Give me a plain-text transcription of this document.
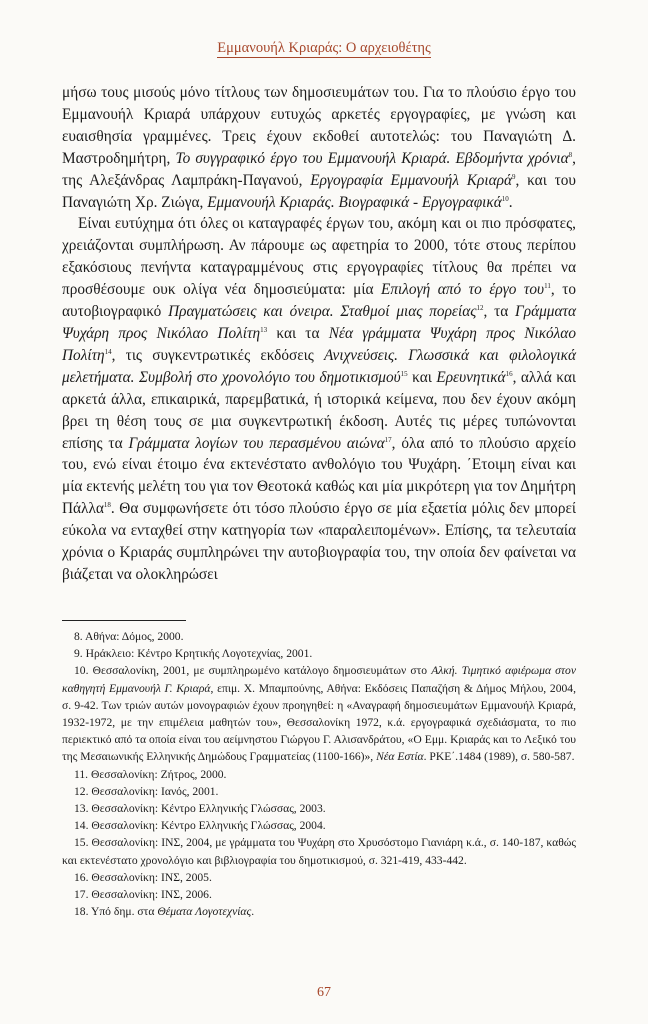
Εμμανουήλ Κριαράς: Ο αρχειοθέτης

μήσω τους μισούς μόνο τίτλους των δημοσιευμάτων του. Για το πλούσιο έργο του Εμμανουήλ Κριαρά υπάρχουν ευτυχώς αρκετές εργογραφίες, με γνώση και ευαισθησία γραμμένες. Τρεις έχουν εκδοθεί αυτοτελώς: του Παναγιώτη Δ. Μαστροδημήτρη, Το συγγραφικό έργο του Εμμανουήλ Κριαρά. Εβδομήντα χρόνια$^8$, της Αλεξάνδρας Λαμπράκη-Παγανού, Εργογραφία Εμμανουήλ Κριαρά$^9$, και του Παναγιώτη Χρ. Ζιώγα, Εμμανουήλ Κριαράς. Βιογραφικά - Εργογραφικά$^{10}$.

Είναι ευτύχημα ότι όλες οι καταγραφές έργων του, ακόμη και οι πιο πρόσφατες, χρειάζονται συμπλήρωση. Αν πάρουμε ως αφετηρία το 2000, τότε στους περίπου εξακόσιους πενήντα καταγραμμένους στις εργογραφίες τίτλους θα πρέπει να προσθέσουμε ουκ ολίγα νέα δημοσιεύματα: μία Επιλογή από το έργο του$^{11}$, το αυτοβιογραφικό Πραγματώσεις και όνειρα. Σταθμοί μιας πορείας$^{12}$, τα Γράμματα Ψυχάρη προς Νικόλαο Πολίτη$^{13}$ και τα Νέα γράμματα Ψυχάρη προς Νικόλαο Πολίτη$^{14}$, τις συγκεντρωτικές εκδόσεις Ανιχνεύσεις. Γλωσσικά και φιλολογικά μελετήματα. Συμβολή στο χρονολόγιο του δημοτικισμού$^{15}$ και Ερευνητικά$^{16}$, αλλά και αρκετά άλλα, επικαιρικά, παρεμβατικά, ή ιστορικά κείμενα, που δεν έχουν ακόμη βρει τη θέση τους σε μια συγκεντρωτική έκδοση. Αυτές τις μέρες τυπώνονται επίσης τα Γράμματα λογίων του περασμένου αιώνα$^{17}$, όλα από το πλούσιο αρχείο του, ενώ είναι έτοιμο ένα εκτενέστατο ανθολόγιο του Ψυχάρη. ΄Ετοιμη είναι και μία εκτενής μελέτη του για τον Θεοτοκά καθώς και μία μικρότερη για τον Δημήτρη Πάλλα$^{18}$. Θα συμφωνήσετε ότι τόσο πλούσιο έργο σε μία εξαετία μόλις δεν μπορεί εύκολα να ενταχθεί στην κατηγορία των «παραλειπομένων». Επίσης, τα τελευταία χρόνια ο Κριαράς συμπληρώνει την αυτοβιογραφία του, την οποία δεν φαίνεται να βιάζεται να ολοκληρώσει

8. Αθήνα: Δόμος, 2000.
9. Ηράκλειο: Κέντρο Κρητικής Λογοτεχνίας, 2001.
10. Θεσσαλονίκη, 2001, με συμπληρωμένο κατάλογο δημοσιευμάτων στο Αλκή. Τιμητικό αφιέρωμα στον καθηγητή Εμμανουήλ Γ. Κριαρά, επιμ. Χ. Μπαμπούνης, Αθήνα: Εκδόσεις Παπαζήση & Δήμος Μήλου, 2004, σ. 9-42. Των τριών αυτών μονογραφιών έχουν προηγηθεί: η «Αναγραφή δημοσιευμάτων Εμμανουήλ Κριαρά, 1932-1972, με την επιμέλεια μαθητών του», Θεσσαλονίκη 1972, κ.ά. εργογραφικά σχεδιάσματα, το πιο περιεκτικό από τα οποία είναι του αείμνηστου Γιώργου Γ. Αλισανδράτου, «Ο Εμμ. Κριαράς και το Λεξικό του της Μεσαιωνικής Ελληνικής Δημώδους Γραμματείας (1100-166)», Νέα Εστία. ΡΚΕ΄.1484 (1989), σ. 580-587.
11. Θεσσαλονίκη: Ζήτρος, 2000.
12. Θεσσαλονίκη: Ιανός, 2001.
13. Θεσσαλονίκη: Κέντρο Ελληνικής Γλώσσας, 2003.
14. Θεσσαλονίκη: Κέντρο Ελληνικής Γλώσσας, 2004.
15. Θεσσαλονίκη: ΙΝΣ, 2004, με γράμματα του Ψυχάρη στο Χρυσόστομο Γιανιάρη κ.ά., σ. 140-187, καθώς και εκτενέστατο χρονολόγιο και βιβλιογραφία του δημοτικισμού, σ. 321-419, 433-442.
16. Θεσσαλονίκη: ΙΝΣ, 2005.
17. Θεσσαλονίκη: ΙΝΣ, 2006.
18. Υπό δημ. στα Θέματα Λογοτεχνίας.
67
